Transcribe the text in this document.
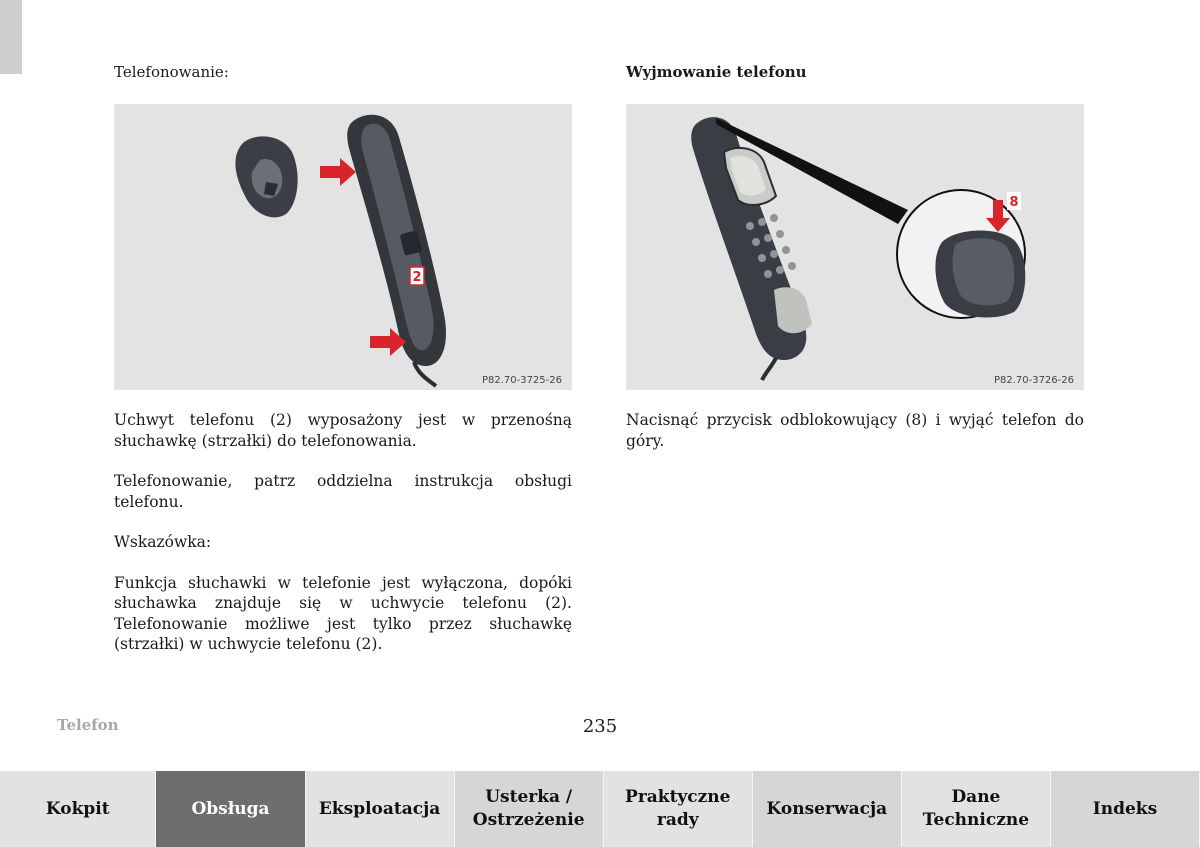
Telefonowanie:

2
P82.70-3725-26

Uchwyt telefonu (2) wyposażony jest w przenośną słuchawkę (strzałki) do telefonowania.

Telefonowanie, patrz oddzielna instrukcja obsługi telefonu.

Wskazówka:

Funkcja słuchawki w telefonie jest wyłączona, dopóki słuchawka znajduje się w uchwycie telefonu (2). Telefonowanie możliwe jest tylko przez słuchawkę (strzałki) w uchwycie telefonu (2).

Wyjmowanie telefonu

8
P82.70-3726-26

Nacisnąć przycisk odblokowujący (8) i wyjąć telefon do góry.

Telefon	235
Kokpit	Obsługa	Eksploatacja
Usterka /
Ostrzeżenie
Praktyczne
rady
Konserwacja
Dane
Techniczne
Indeks
